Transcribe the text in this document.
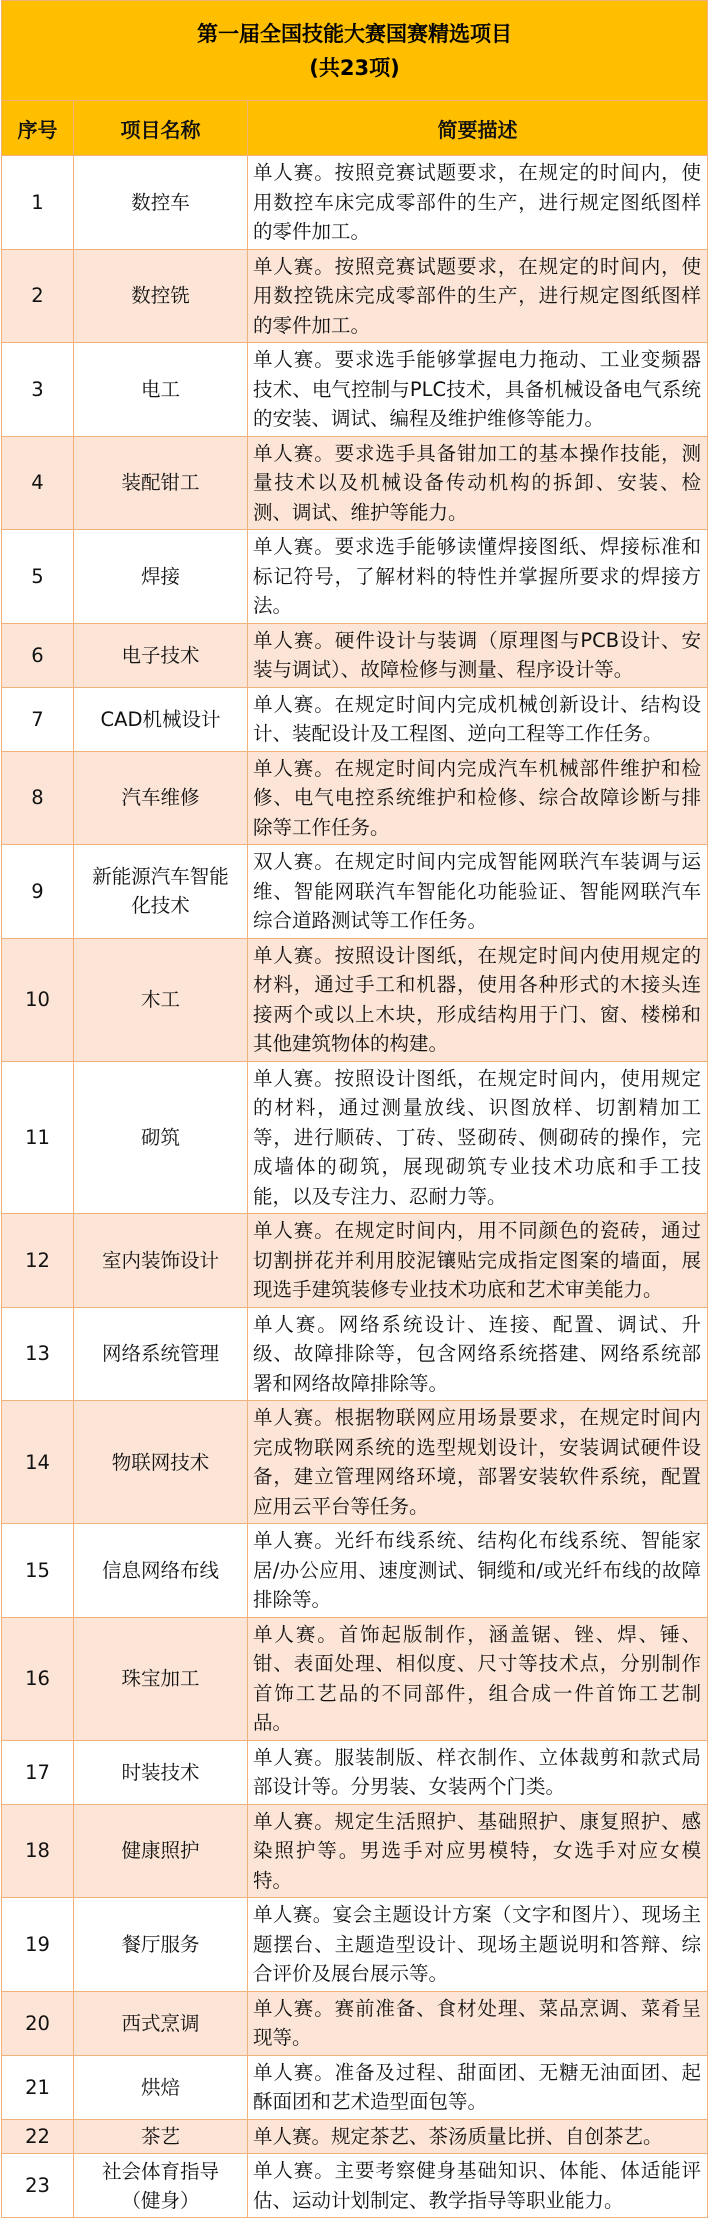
第一届全国技能大赛国赛精选项目
(共23项)		

序号	项目名称	简要描述
1	数控车	单人赛。按照竞赛试题要求，在规定的时间内，使用数控车床完成零部件的生产，进行规定图纸图样的零件加工。
2	数控铣	单人赛。按照竞赛试题要求，在规定的时间内，使用数控铣床完成零部件的生产，进行规定图纸图样的零件加工。
3	电工	单人赛。要求选手能够掌握电力拖动、工业变频器技术、电气控制与PLC技术，具备机械设备电气系统的安装、调试、编程及维护维修等能力。
4	装配钳工	单人赛。要求选手具备钳加工的基本操作技能，测量技术以及机械设备传动机构的拆卸、安装、检测、调试、维护等能力。
5	焊接	单人赛。要求选手能够读懂焊接图纸、焊接标准和标记符号，了解材料的特性并掌握所要求的焊接方法。
6	电子技术	单人赛。硬件设计与装调（原理图与PCB设计、安装与调试）、故障检修与测量、程序设计等。
7	CAD机械设计	单人赛。在规定时间内完成机械创新设计、结构设计、装配设计及工程图、逆向工程等工作任务。
8	汽车维修	单人赛。在规定时间内完成汽车机械部件维护和检修、电气电控系统维护和检修、综合故障诊断与排除等工作任务。
9	新能源汽车智能化技术	双人赛。在规定时间内完成智能网联汽车装调与运维、智能网联汽车智能化功能验证、智能网联汽车综合道路测试等工作任务。
10	木工	单人赛。按照设计图纸，在规定时间内使用规定的材料，通过手工和机器，使用各种形式的木接头连接两个或以上木块，形成结构用于门、窗、楼梯和其他建筑物体的构建。
11	砌筑	单人赛。按照设计图纸，在规定时间内，使用规定的材料，通过测量放线、识图放样、切割精加工等，进行顺砖、丁砖、竖砌砖、侧砌砖的操作，完成墙体的砌筑，展现砌筑专业技术功底和手工技能，以及专注力、忍耐力等。
12	室内装饰设计	单人赛。在规定时间内，用不同颜色的瓷砖，通过切割拼花并利用胶泥镶贴完成指定图案的墙面，展现选手建筑装修专业技术功底和艺术审美能力。
13	网络系统管理	单人赛。网络系统设计、连接、配置、调试、升级、故障排除等，包含网络系统搭建、网络系统部署和网络故障排除等。
14	物联网技术	单人赛。根据物联网应用场景要求，在规定时间内完成物联网系统的选型规划设计，安装调试硬件设备，建立管理网络环境，部署安装软件系统，配置应用云平台等任务。
15	信息网络布线	单人赛。光纤布线系统、结构化布线系统、智能家居/办公应用、速度测试、铜缆和/或光纤布线的故障排除等。
16	珠宝加工	单人赛。首饰起版制作，涵盖锯、锉、焊、锤、钳、表面处理、相似度、尺寸等技术点，分别制作首饰工艺品的不同部件，组合成一件首饰工艺制品。
17	时装技术	单人赛。服装制版、样衣制作、立体裁剪和款式局部设计等。分男装、女装两个门类。
18	健康照护	单人赛。规定生活照护、基础照护、康复照护、感染照护等。男选手对应男模特，女选手对应女模特。
19	餐厅服务	单人赛。宴会主题设计方案（文字和图片）、现场主题摆台、主题造型设计、现场主题说明和答辩、综合评价及展台展示等。
20	西式烹调	单人赛。赛前准备、食材处理、菜品烹调、菜肴呈现等。
21	烘焙	单人赛。准备及过程、甜面团、无糖无油面团、起酥面团和艺术造型面包等。
22	茶艺	单人赛。规定茶艺、茶汤质量比拼、自创茶艺。
23	社会体育指导（健身）	单人赛。主要考察健身基础知识、体能、体适能评估、运动计划制定、教学指导等职业能力。
